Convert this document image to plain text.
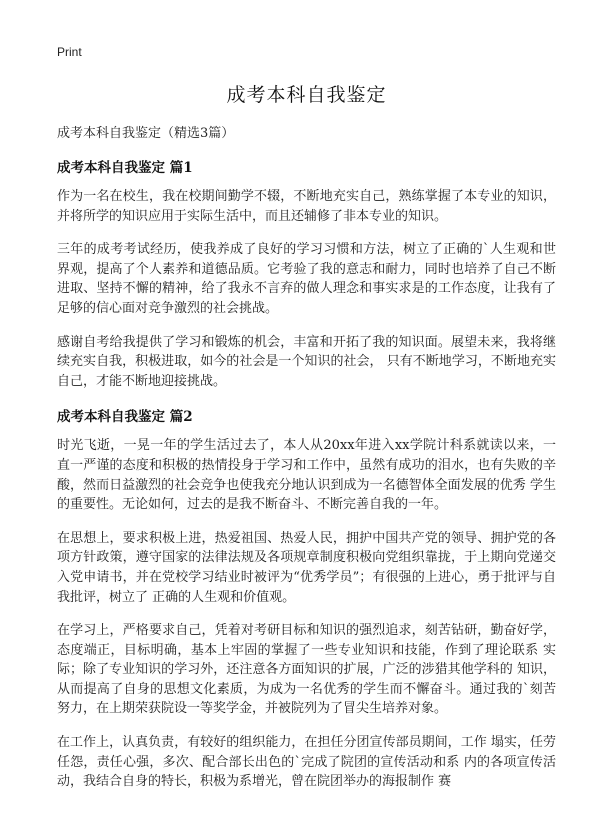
Print
成考本科自我鉴定
成考本科自我鉴定（精选3篇）
成考本科自我鉴定 篇1

作为一名在校生，我在校期间勤学不辍，不断地充实自己，熟练掌握了本专业的知识，并将所学的知识应用于实际生活中，而且还辅修了非本专业的知识。

三年的成考考试经历，使我养成了良好的学习习惯和方法，树立了正确的`人生观和世界观，提高了个人素养和道德品质。它考验了我的意志和耐力，同时也培养了自己不断进取、坚持不懈的精神，给了我永不言弃的做人理念和事实求是的工作态度，让我有了足够的信心面对竞争激烈的社会挑战。

感谢自考给我提供了学习和锻炼的机会，丰富和开拓了我的知识面。展望未来，我将继续充实自我，积极进取，如今的社会是一个知识的社会， 只有不断地学习，不断地充实自己，才能不断地迎接挑战。

成考本科自我鉴定 篇2

时光飞逝，一晃一年的学生活过去了，本人从20xx年进入xx学院计科系就读以来，一直一严谨的态度和积极的热情投身于学习和工作中，虽然有成功的泪水，也有失败的辛酸，然而日益激烈的社会竞争也使我充分地认识到成为一名德智体全面发展的优秀 学生的重要性。无论如何，过去的是我不断奋斗、不断完善自我的一年。

在思想上，要求积极上进，热爱祖国、热爱人民，拥护中国共产党的领导、拥护党的各项方针政策，遵守国家的法律法规及各项规章制度积极向党组织靠拢，于上期向党递交入党申请书，并在党校学习结业时被评为“优秀学员”；有很强的上进心，勇于批评与自我批评，树立了 正确的人生观和价值观。

在学习上，严格要求自己，凭着对考研目标和知识的强烈追求，刻苦钻研，勤奋好学，态度端正，目标明确，基本上牢固的掌握了一些专业知识和技能，作到了理论联系 实际；除了专业知识的学习外，还注意各方面知识的扩展，广泛的涉猎其他学科的 知识，从而提高了自身的思想文化素质，为成为一名优秀的学生而不懈奋斗。通过我的`刻苦努力，在上期荣获院设一等奖学金，并被院列为了冒尖生培养对象。

在工作上，认真负责，有较好的组织能力，在担任分团宣传部员期间，工作 塌实，任劳任怨，责任心强，多次、配合部长出色的`完成了院团的宣传活动和系 内的各项宣传活动，我结合自身的特长，积极为系增光，曾在院团举办的海报制作 赛
